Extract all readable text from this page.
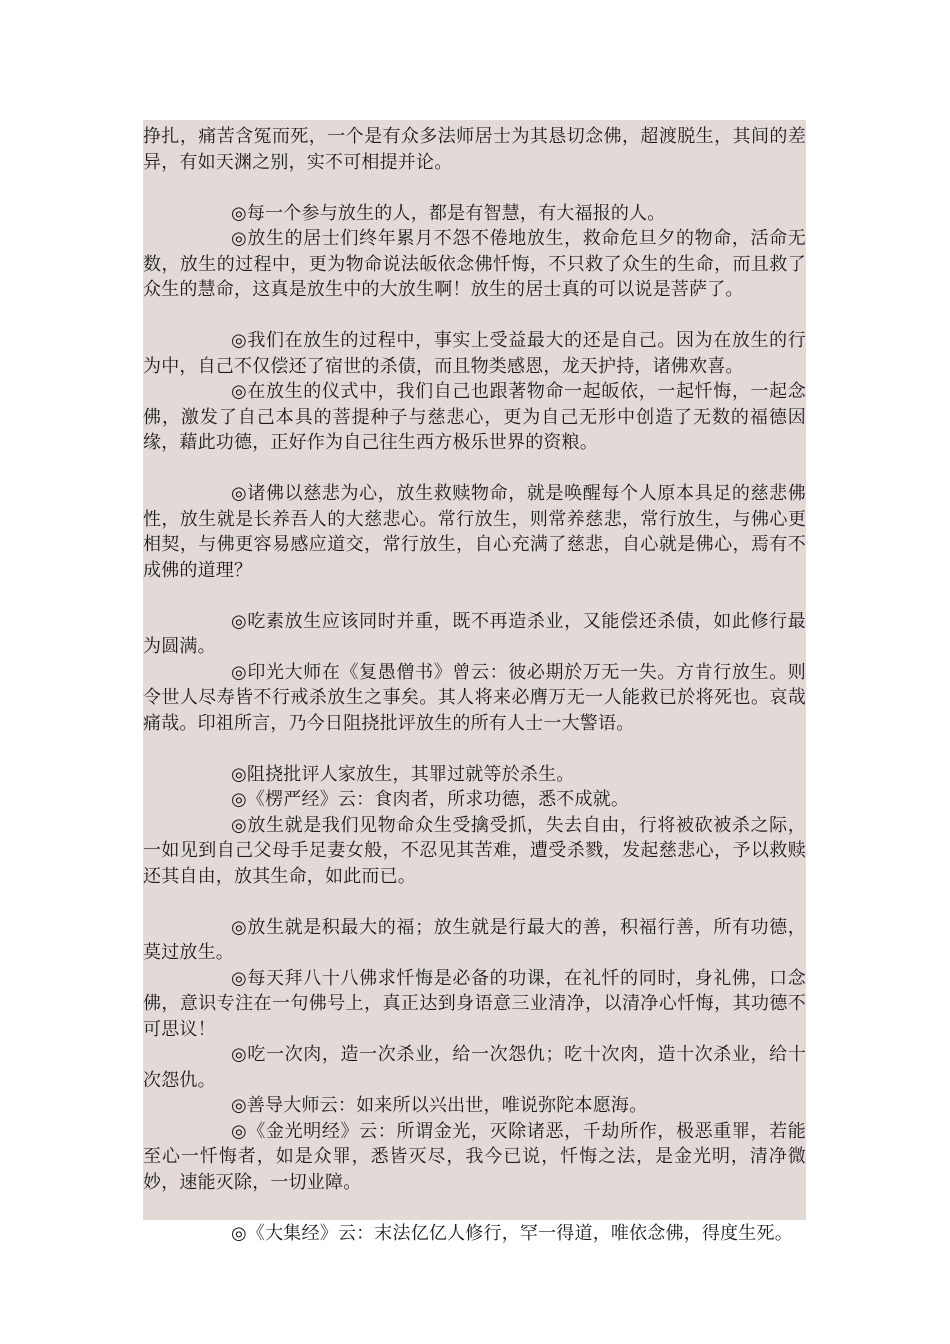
挣扎，痛苦含冤而死，一个是有众多法师居士为其恳切念佛，超渡脱生，其间的差异，有如天渊之别，实不可相提并论。

◎每一个参与放生的人，都是有智慧，有大福报的人。

◎放生的居士们终年累月不怨不倦地放生，救命危旦夕的物命，活命无数，放生的过程中，更为物命说法皈依念佛忏悔，不只救了众生的生命，而且救了众生的慧命，这真是放生中的大放生啊！放生的居士真的可以说是菩萨了。

◎我们在放生的过程中，事实上受益最大的还是自己。因为在放生的行为中，自己不仅偿还了宿世的杀债，而且物类感恩，龙天护持，诸佛欢喜。

◎在放生的仪式中，我们自己也跟著物命一起皈依，一起忏悔，一起念佛，激发了自己本具的菩提种子与慈悲心，更为自己无形中创造了无数的福德因缘，藉此功德，正好作为自己往生西方极乐世界的资粮。

◎诸佛以慈悲为心，放生救赎物命，就是唤醒每个人原本具足的慈悲佛性，放生就是长养吾人的大慈悲心。常行放生，则常养慈悲，常行放生，与佛心更相契，与佛更容易感应道交，常行放生，自心充满了慈悲，自心就是佛心，焉有不成佛的道理？

◎吃素放生应该同时并重，既不再造杀业，又能偿还杀债，如此修行最为圆满。

◎印光大师在《复愚僧书》曾云：彼必期於万无一失。方肯行放生。则令世人尽寿皆不行戒杀放生之事矣。其人将来必膺万无一人能救已於将死也。哀哉痛哉。印祖所言，乃今日阻挠批评放生的所有人士一大警语。

◎阻挠批评人家放生，其罪过就等於杀生。

◎《楞严经》云：食肉者，所求功德，悉不成就。

◎放生就是我们见物命众生受擒受抓，失去自由，行将被砍被杀之际，一如见到自己父母手足妻女般，不忍见其苦难，遭受杀戮，发起慈悲心，予以救赎还其自由，放其生命，如此而已。

◎放生就是积最大的福；放生就是行最大的善，积福行善，所有功德，莫过放生。

◎每天拜八十八佛求忏悔是必备的功课，在礼忏的同时，身礼佛，口念佛，意识专注在一句佛号上，真正达到身语意三业清净，以清净心忏悔，其功德不可思议！

◎吃一次肉，造一次杀业，给一次怨仇；吃十次肉，造十次杀业，给十次怨仇。

◎善导大师云：如来所以兴出世，唯说弥陀本愿海。

◎《金光明经》云：所谓金光，灭除诸恶，千劫所作，极恶重罪，若能至心一忏悔者，如是众罪，悉皆灭尽，我今已说，忏悔之法，是金光明，清净微妙，速能灭除，一切业障。

◎《大集经》云：末法亿亿人修行，罕一得道，唯依念佛，得度生死。
